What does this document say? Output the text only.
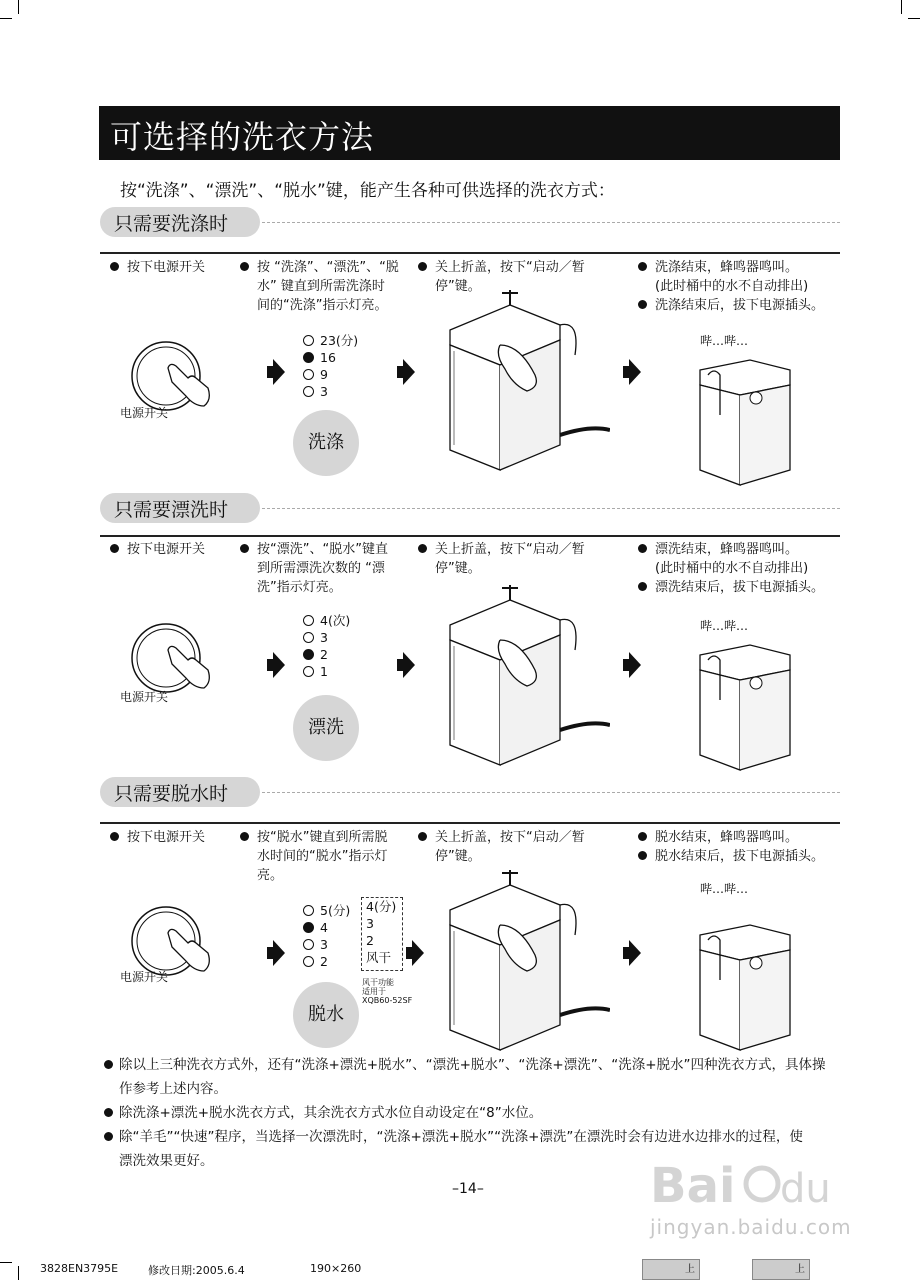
可选择的洗衣方法
按“洗涤”、“漂洗”、“脱水”键，能产生各种可供选择的洗衣方式：
只需要洗涤时
按下电源开关	按 “洗涤”、“漂洗”、“脱
水” 键直到所需洗涤时
间的“洗涤”指示灯亮。
关上折盖，按下“启动／暂
停”键。
洗涤结束，蜂鸣器鸣叫。
(此时桶中的水不自动排出)
洗涤结束后，拔下电源插头。
23(分)
16
9
3
洗涤
电源开关
哔…哔…
只需要漂洗时
按下电源开关	按“漂洗”、“脱水”键直
到所需漂洗次数的 “漂
洗”指示灯亮。
关上折盖，按下“启动／暂
停”键。
漂洗结束，蜂鸣器鸣叫。
(此时桶中的水不自动排出)
漂洗结束后，拔下电源插头。
4(次)
3
2
1
漂洗
电源开关
哔…哔…
只需要脱水时
按下电源开关	按“脱水”键直到所需脱
水时间的“脱水”指示灯
亮。
关上折盖，按下“启动／暂
停”键。
脱水结束，蜂鸣器鸣叫。
脱水结束后，拔下电源插头。
5(分)
4
3
2
4(分)
3
2
风干
风干功能
适用于
XQB60-52SF
脱水
电源开关
哔…哔…
除以上三种洗衣方式外，还有“洗涤+漂洗+脱水”、“漂洗+脱水”、“洗涤+漂洗”、“洗涤+脱水”四种洗衣方式，具体操
作参考上述内容。
除洗涤+漂洗+脱水洗衣方式，其余洗衣方式水位自动设定在“8”水位。
除“羊毛”“快速”程序，当选择一次漂洗时，“洗涤+漂洗+脱水”“洗涤+漂洗”在漂洗时会有边进水边排水的过程，使
漂洗效果更好。
–14–	Bai du
jingyan.baidu.com
3828EN3795E	修改日期:2005.6.4	190×260	上	上
